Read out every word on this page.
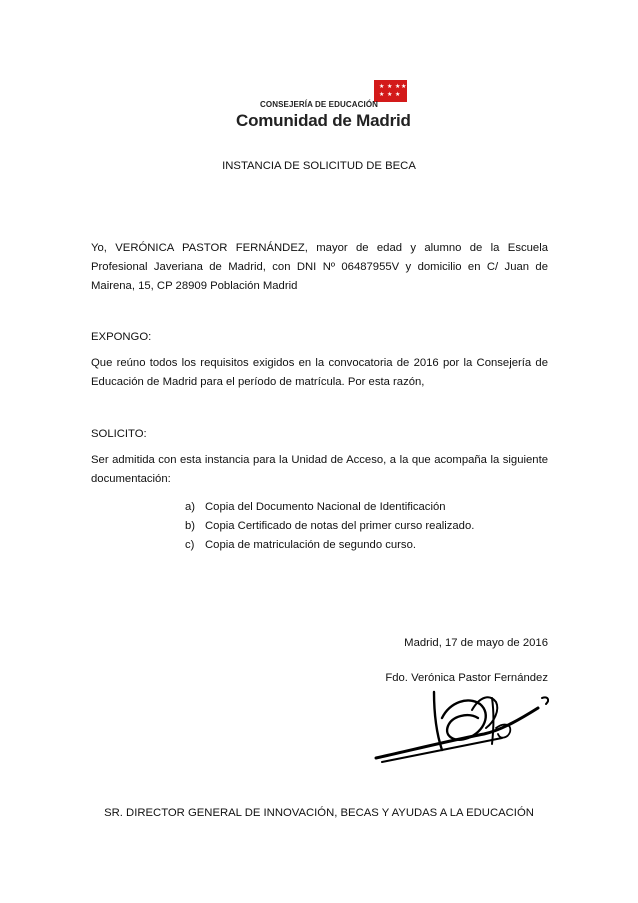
★ ★ ★ ★
★ ★ ★
CONSEJERÍA DE EDUCACIÓN
Comunidad de Madrid
INSTANCIA DE SOLICITUD DE BECA
Yo, VERÓNICA PASTOR FERNÁNDEZ, mayor de edad y alumno de la Escuela Profesional Javeriana de Madrid, con DNI Nº 06487955V y domicilio en C/ Juan de Mairena, 15, CP 28909 Población Madrid
EXPONGO:
Que reúno todos los requisitos exigidos en la convocatoria de 2016 por la Consejería de Educación de Madrid para el período de matrícula. Por esta razón,
SOLICITO:
Ser admitida con esta instancia para la Unidad de Acceso, a la que acompaña la siguiente documentación:
a) Copia del Documento Nacional de Identificación
b) Copia Certificado de notas del primer curso realizado.
c) Copia de matriculación de segundo curso.
Madrid, 17 de mayo de 2016
Fdo. Verónica Pastor Fernández
SR. DIRECTOR GENERAL DE INNOVACIÓN, BECAS Y AYUDAS A LA EDUCACIÓN
